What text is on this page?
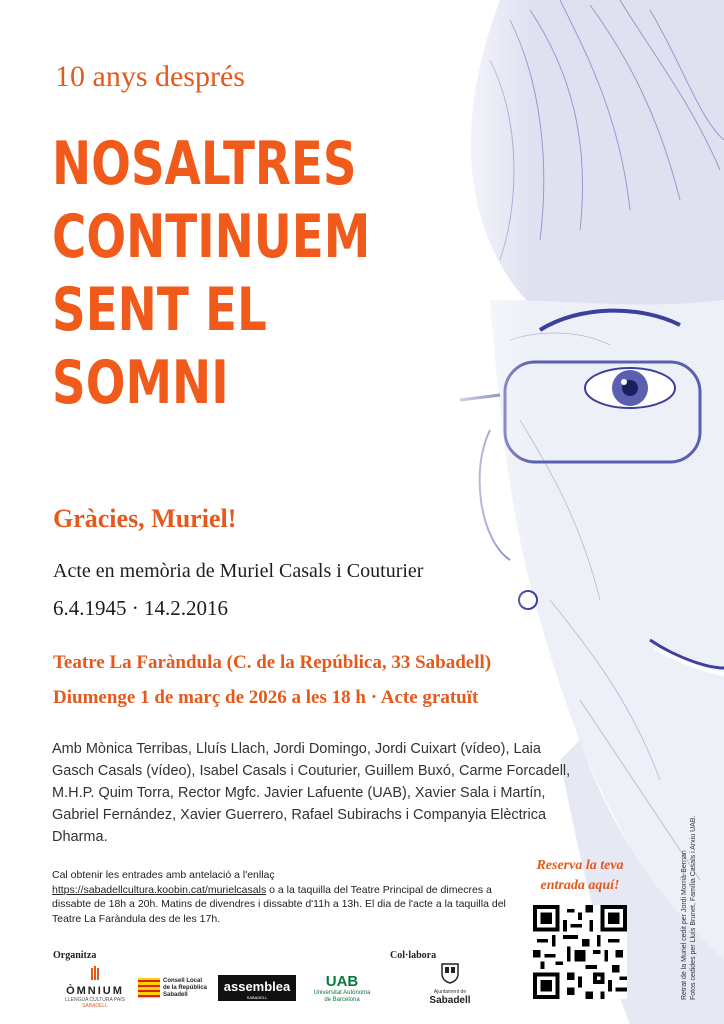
10 anys després
NOSALTRES
CONTINUEM
SENT EL
SOMNI
Gràcies, Muriel!
Acte en memòria de Muriel Casals i Couturier
6.4.1945 · 14.2.2016
Teatre La Faràndula (C. de la República, 33 Sabadell)
Diumenge 1 de març de 2026 a les 18 h · Acte gratuït
Amb Mònica Terribas, Lluís Llach, Jordi Domingo, Jordi Cuixart (vídeo), Laia Gasch Casals (vídeo), Isabel Casals i Couturier, Guillem Buxó, Carme Forcadell, M.H.P. Quim Torra, Rector Mgfc. Javier Lafuente (UAB), Xavier Sala i Martín, Gabriel Fernández, Xavier Guerrero, Rafael Subirachs i Companyia Elèctrica Dharma.
Cal obtenir les entrades amb antelació a l'enllaç
https://sabadellcultura.koobin.cat/murielcasals o a la taquilla del Teatre Principal de dimecres a dissabte de 18h a 20h. Matins de divendres i dissabte d'11h a 13h. El dia de l'acte a la taquilla del Teatre La Faràndula des de les 17h.
Reserva la teva
entrada aquí!	Retrat de la Muriel cedit per Jordi Morrià-Bernan Fotos cedides per Lluís Brunet, Família Casals i Arxiu UAB.
Organitza	Col·labora
ÒMNIUM
LLENGUA CULTURA PAÍS
SABADELL
Consell Local
de la República
Sabadell
assemblea
SABADELL
UAB
Universitat Autònoma
de Barcelona
Ajuntament de
Sabadell
